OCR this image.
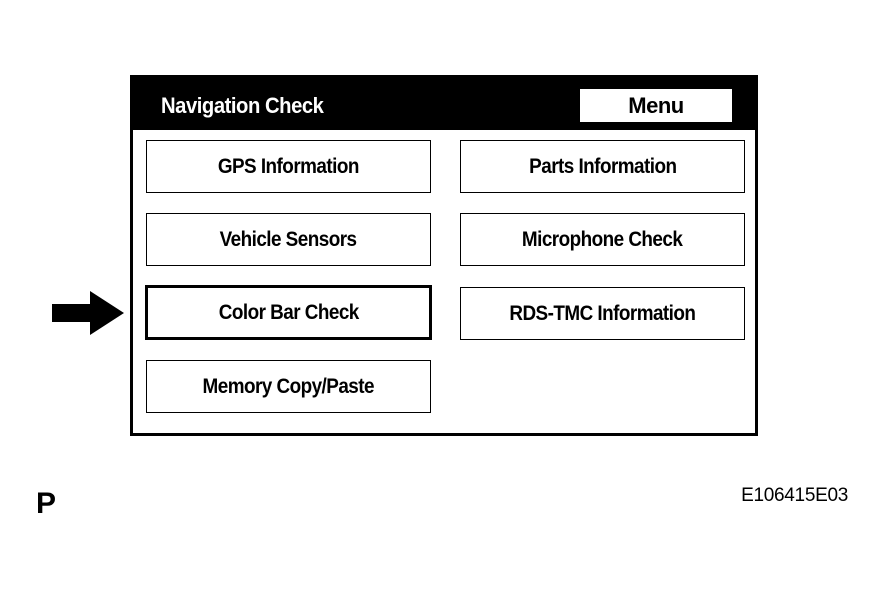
Navigation Check	Menu
GPS Information	Parts Information
Vehicle Sensors	Microphone Check
Color Bar Check	RDS-TMC Information
Memory Copy/Paste
P	E106415E03
